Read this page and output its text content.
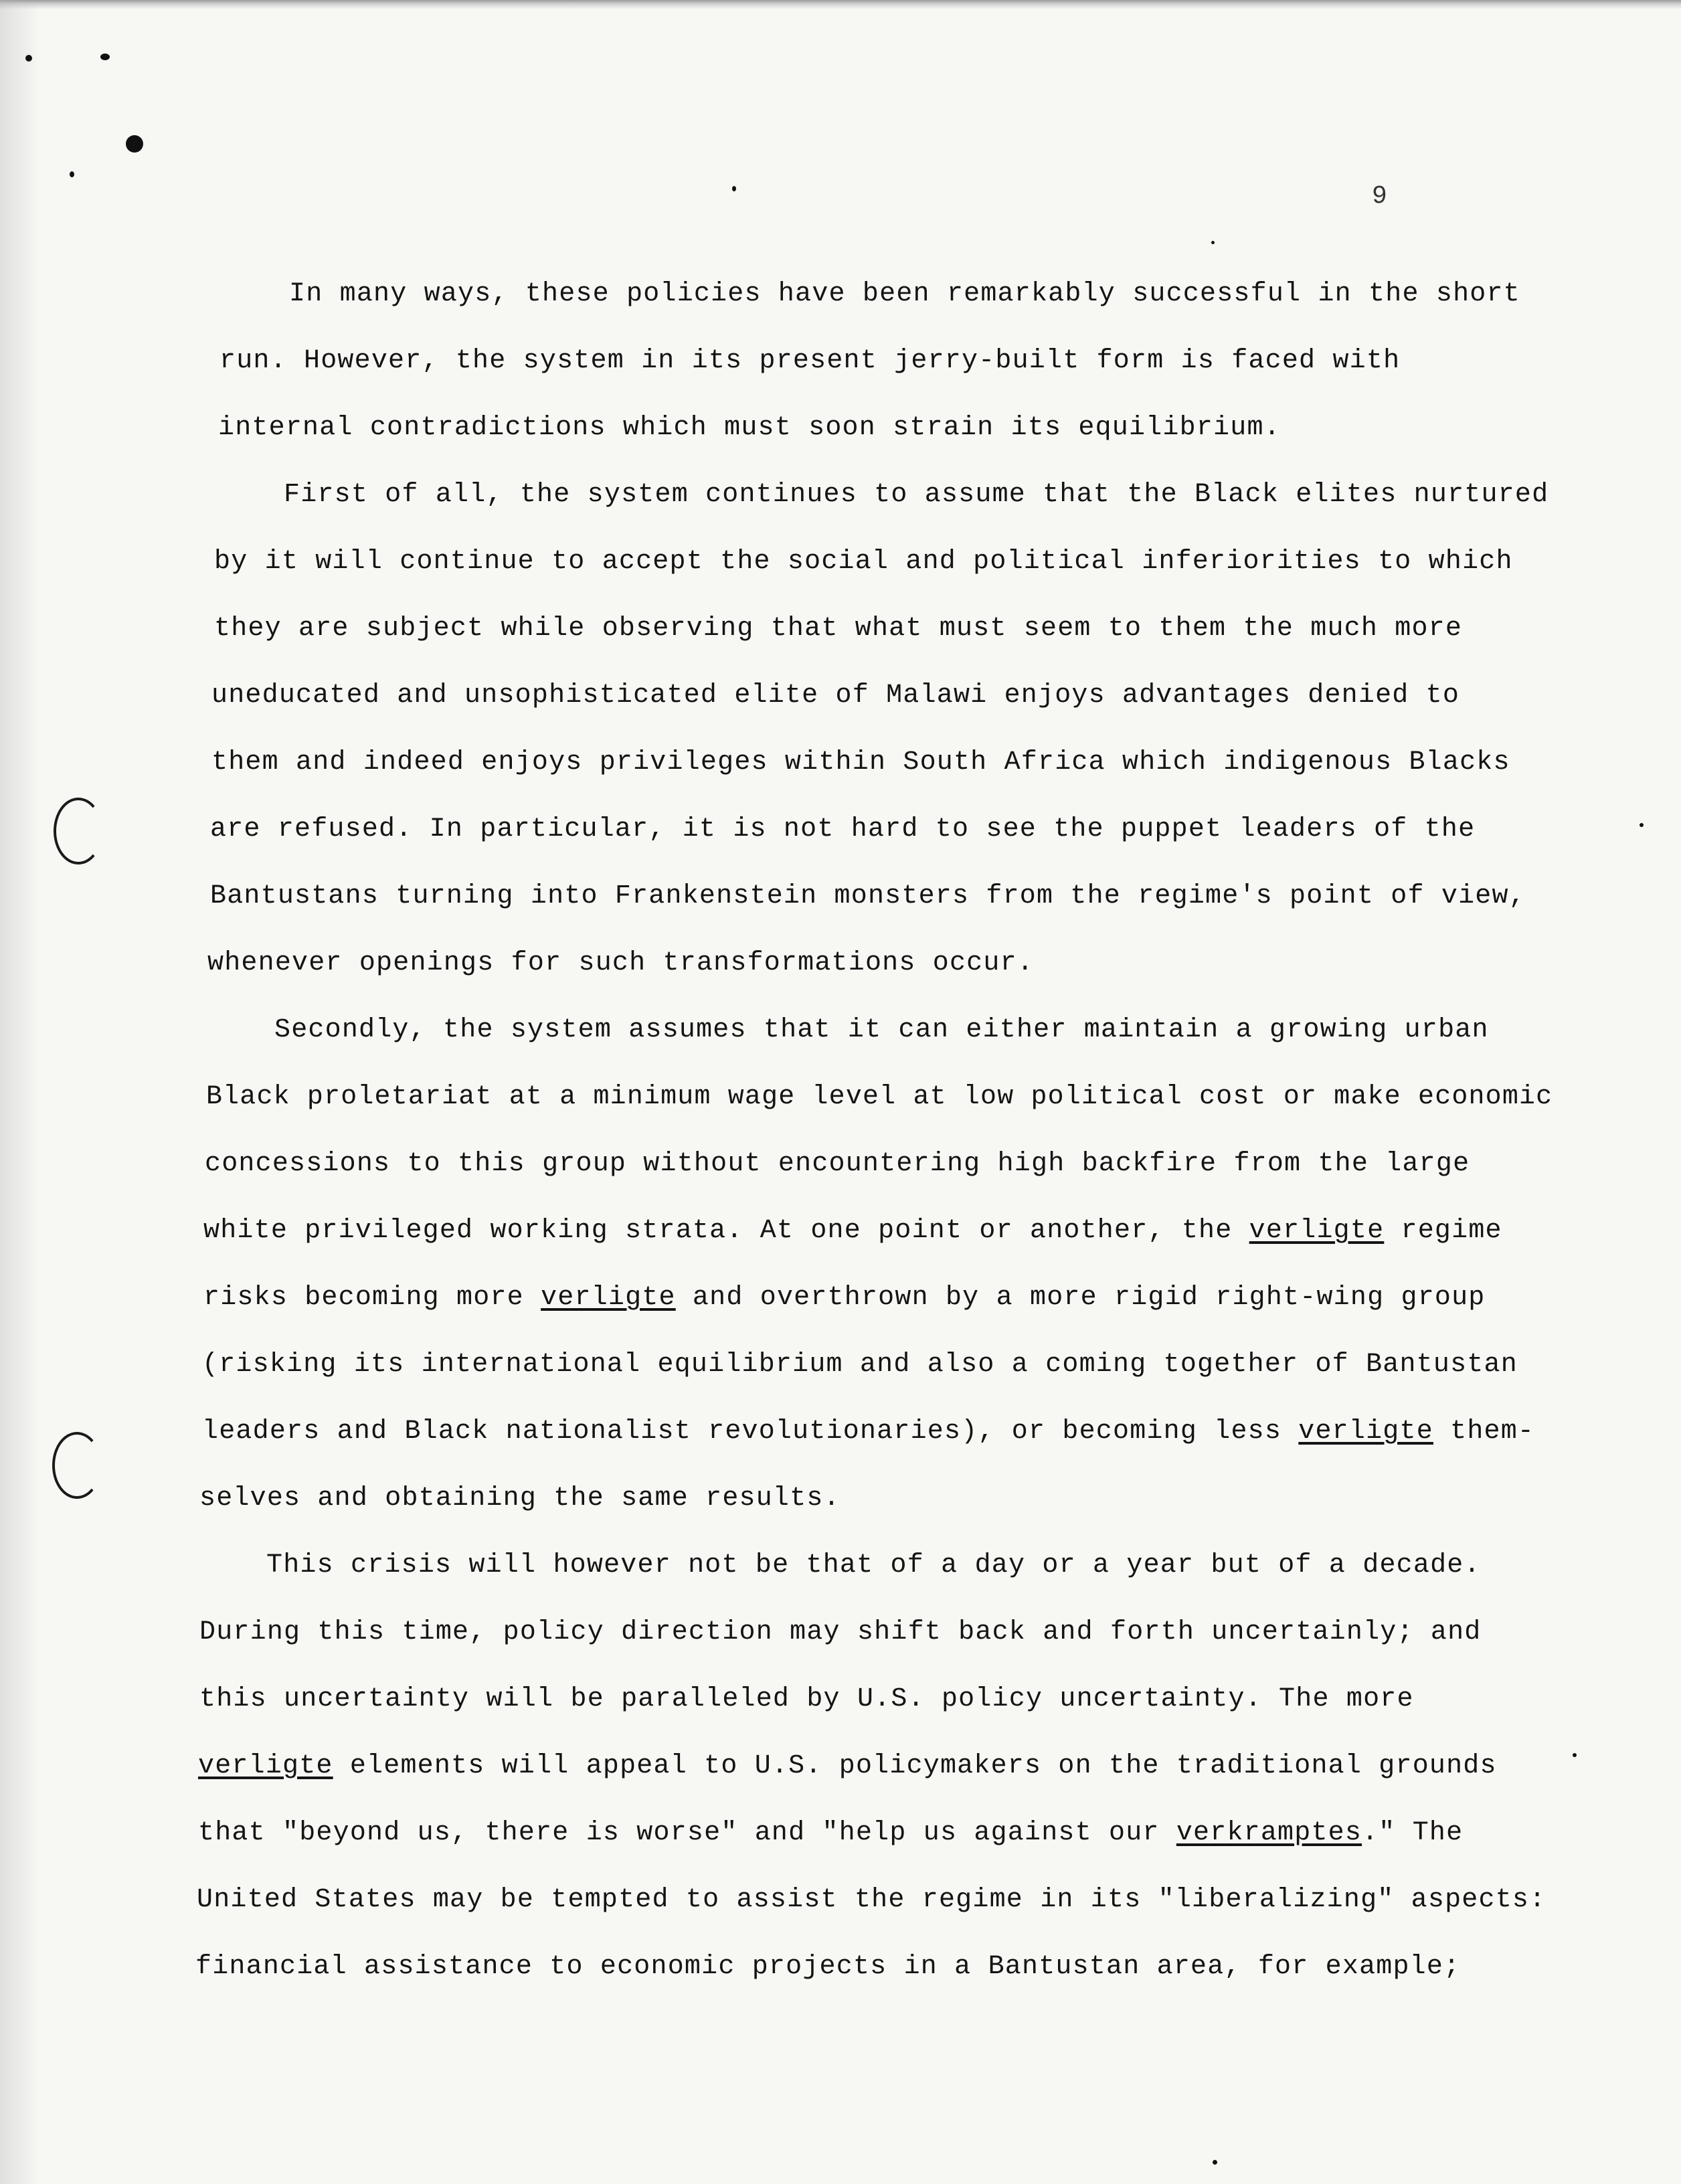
9
In many ways, these policies have been remarkably successful in the short
run. However, the system in its present jerry-built form is faced with
internal contradictions which must soon strain its equilibrium.
First of all, the system continues to assume that the Black elites nurtured
by it will continue to accept the social and political inferiorities to which
they are subject while observing that what must seem to them the much more
uneducated and unsophisticated elite of Malawi enjoys advantages denied to
them and indeed enjoys privileges within South Africa which indigenous Blacks
are refused. In particular, it is not hard to see the puppet leaders of the
Bantustans turning into Frankenstein monsters from the regime's point of view,
whenever openings for such transformations occur.
Secondly, the system assumes that it can either maintain a growing urban
Black proletariat at a minimum wage level at low political cost or make economic
concessions to this group without encountering high backfire from the large
white privileged working strata. At one point or another, the verligte regime
risks becoming more verligte and overthrown by a more rigid right-wing group
(risking its international equilibrium and also a coming together of Bantustan
leaders and Black nationalist revolutionaries), or becoming less verligte them-
selves and obtaining the same results.
This crisis will however not be that of a day or a year but of a decade.
During this time, policy direction may shift back and forth uncertainly; and
this uncertainty will be paralleled by U.S. policy uncertainty. The more
verligte elements will appeal to U.S. policymakers on the traditional grounds
that "beyond us, there is worse" and "help us against our verkramptes." The
United States may be tempted to assist the regime in its "liberalizing" aspects:
financial assistance to economic projects in a Bantustan area, for example;
